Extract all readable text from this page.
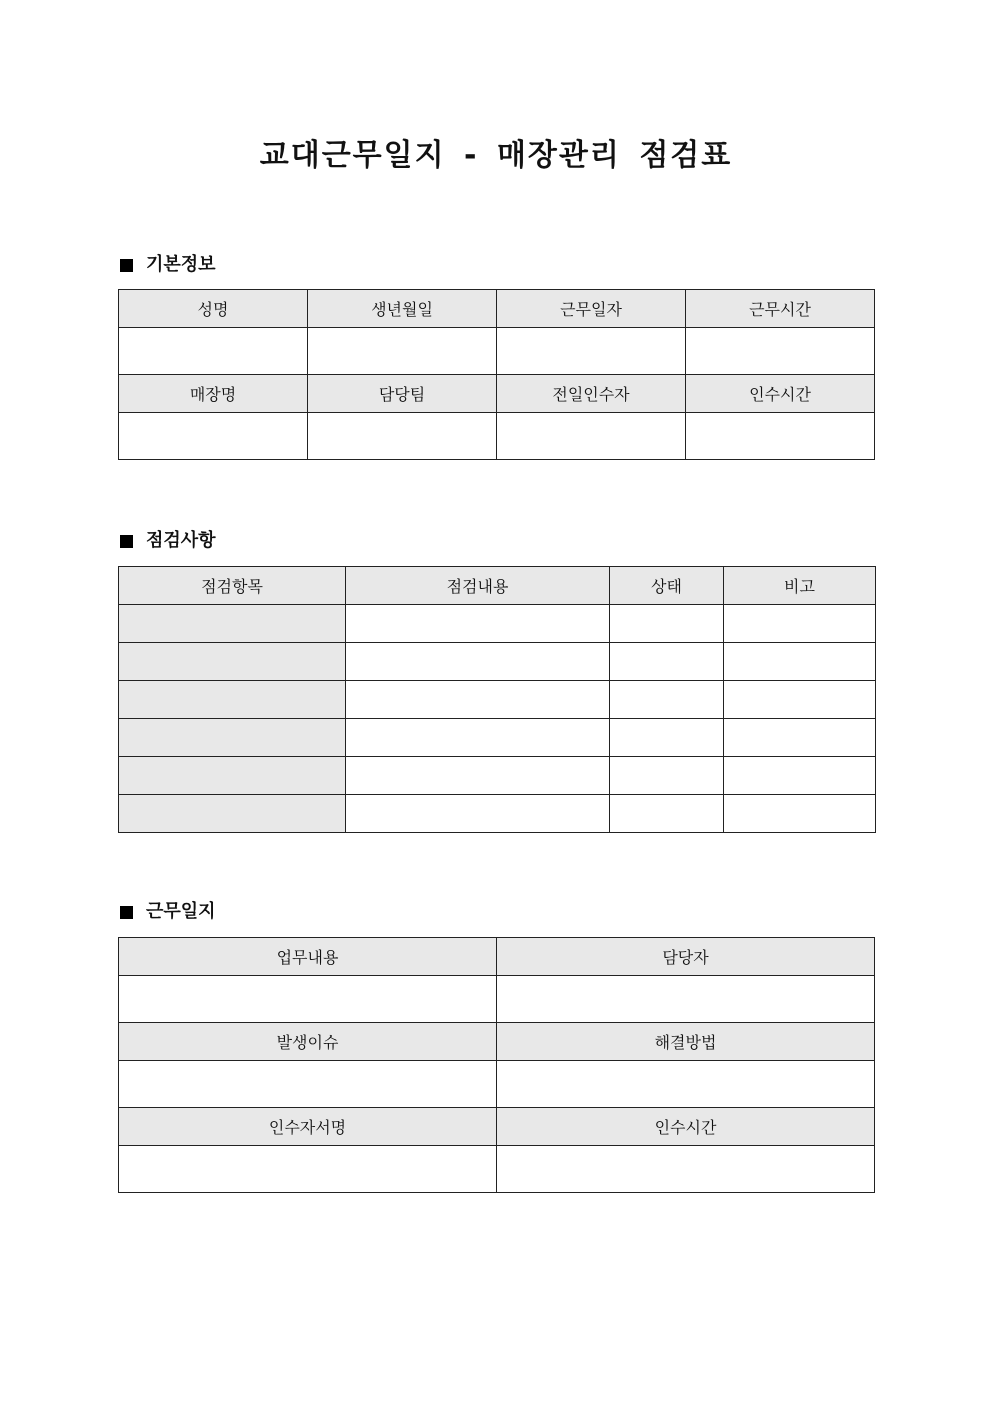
교대근무일지 - 매장관리 점검표
기본정보
성명	생년월일	근무일자	근무시간

매장명	담당팀	전일인수자	인수시간

점검사항
점검항목	점검내용	상태	비고

근무일지
업무내용	담당자

발생이슈	해결방법

인수자서명	인수시간
